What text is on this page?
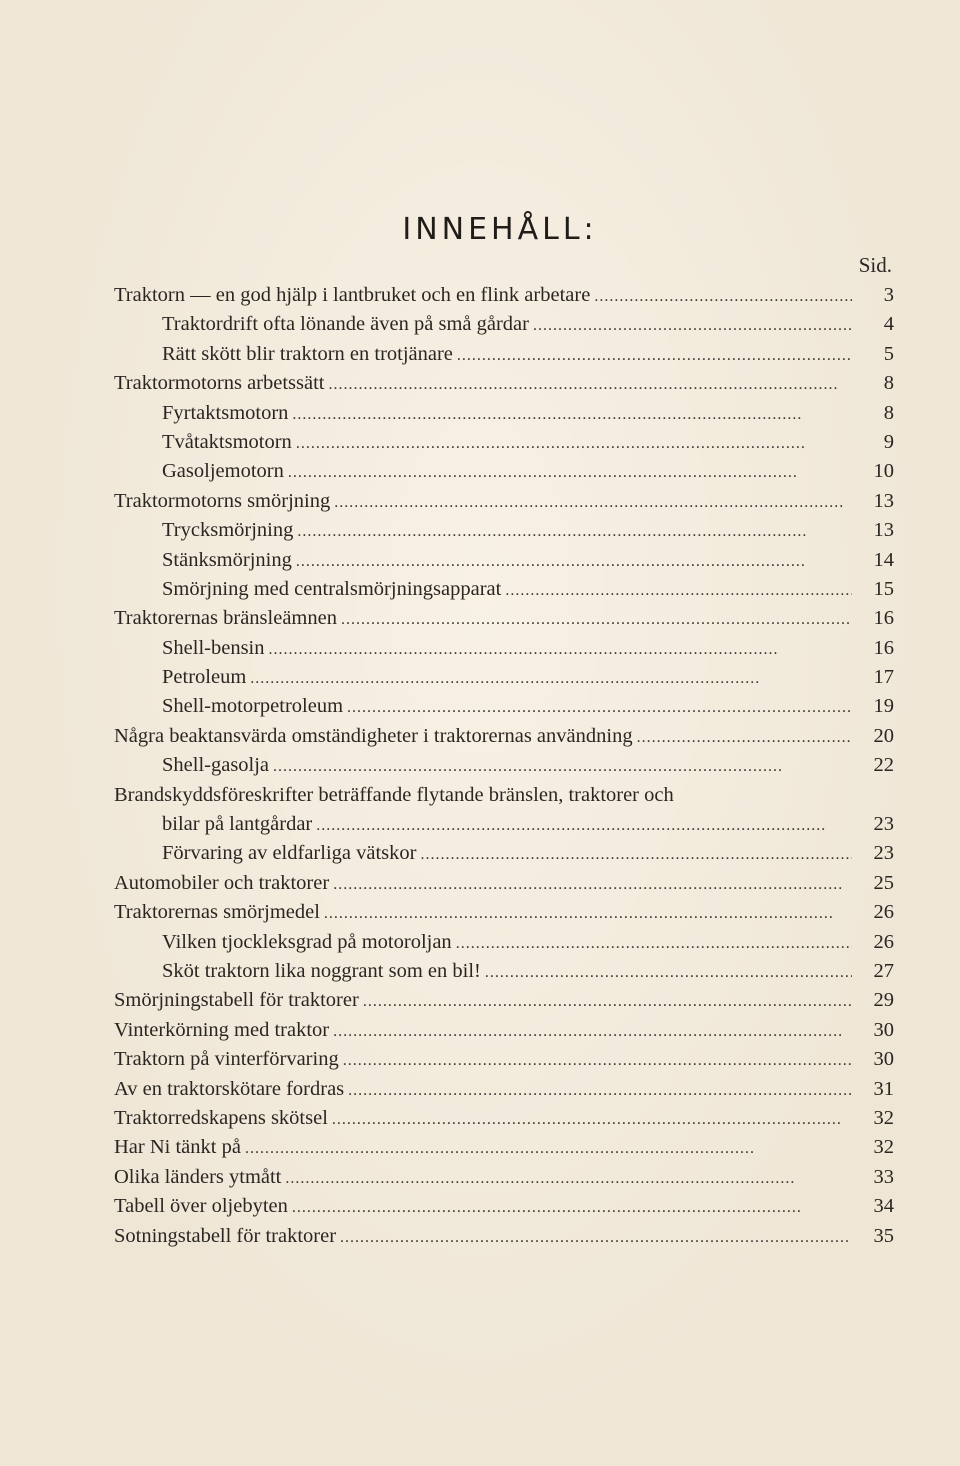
INNEHÅLL:
Sid.
Traktorn — en god hjälp i lantbruket och en flink arbetare . . .	3
Traktordrift ofta lönande även på små gårdar . . .	4
Rätt skött blir traktorn en trotjänare . . .	5
Traktormotorns arbetssätt . . .	8
Fyrtaktsmotorn . . .	8
Tvåtaktsmotorn . . .	9
Gasoljemotorn . . .	10
Traktormotorns smörjning . . .	13
Trycksmörjning . . .	13
Stänksmörjning . . .	14
Smörjning med centralsmörjningsapparat . . .	15
Traktorernas bränsleämnen . . .	16
Shell-bensin . . .	16
Petroleum . . .	17
Shell-motorpetroleum . . .	19
Några beaktansvärda omständigheter i traktorernas användning . . .	20
Shell-gasolja . . .	22
Brandskyddsföreskrifter beträffande flytande bränslen, traktorer och
bilar på lantgårdar . . .	23
Förvaring av eldfarliga vätskor . . .	23
Automobiler och traktorer . . .	25
Traktorernas smörjmedel . . .	26
Vilken tjockleksgrad på motoroljan . . .	26
Sköt traktorn lika noggrant som en bil! . . .	27
Smörjningstabell för traktorer . . .	29
Vinterkörning med traktor . . .	30
Traktorn på vinterförvaring . . .	30
Av en traktorskötare fordras . . .	31
Traktorredskapens skötsel . . .	32
Har Ni tänkt på . . .	32
Olika länders ytmått . . .	33
Tabell över oljebyten . . .	34
Sotningstabell för traktorer . . .	35
